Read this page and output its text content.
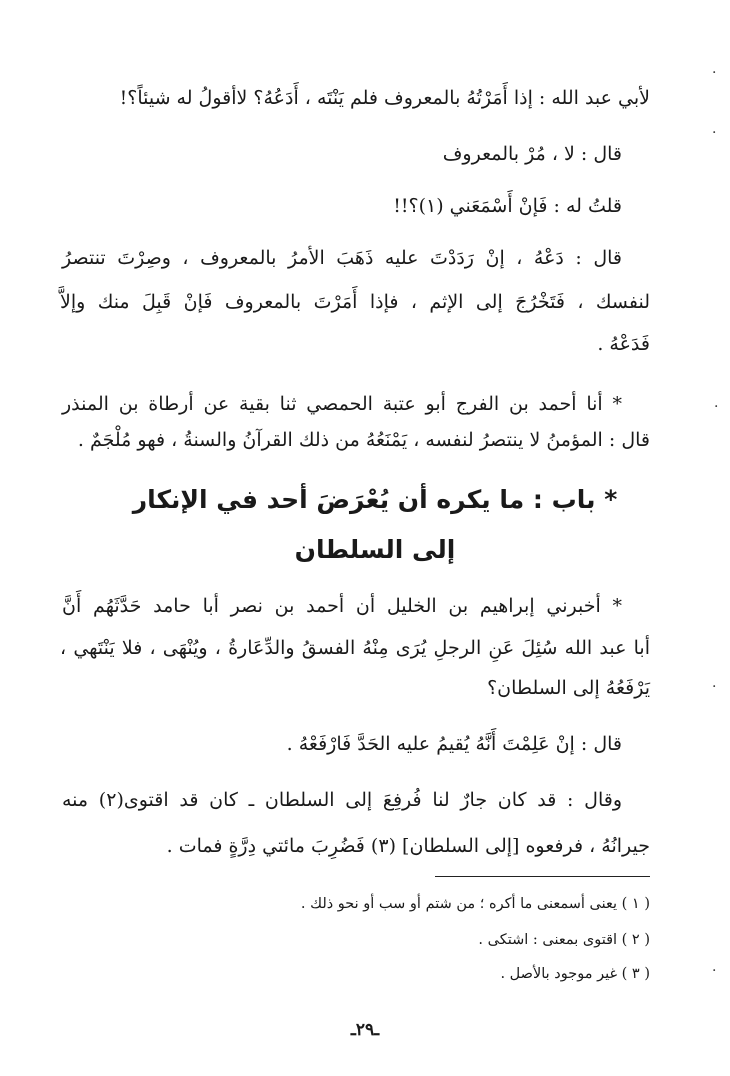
لأبي عبد الله : إذا أَمَرْتُهُ بالمعروف فلم يَنْتَه ، أَدَعُهُ؟ لاأقولُ له شيئاً؟!
قال : لا ، مُرْ بالمعروف
قلتُ له : فَإنْ أَسْمَعَني (١)؟!!
قال : دَعْهُ ، إنْ رَدَدْتَ عليه ذَهَبَ الأمرُ بالمعروف ، وصِرْتَ تنتصرُ
لنفسك ، فَتَخْرُجَ إلى الإثم ، فإذا أَمَرْتَ بالمعروف فَإنْ قَبِلَ منك وإلاَّ
فَدَعْهُ .
* أنا أحمد بن الفرج أبو عتبة الحمصي ثنا بقية عن أرطاة بن المنذر
قال : المؤمنُ لا ينتصرُ لنفسه ، يَمْنَعُهُ من ذلك القرآنُ والسنةُ ، فهو مُلْجَمٌ .
* باب : ما يكره أن يُعْرَضَ أحد في الإنكار
إلى السلطان
* أخبرني إبراهيم بن الخليل أن أحمد بن نصر أبا حامد حَدَّثَهُم أَنَّ
أبا عبد الله سُئِلَ عَنِ الرجلِ يُرَى مِنْهُ الفسقُ والدِّعَارةُ ، ويُنْهَى ، فلا يَنْتَهي ،
يَرْفَعُهُ إلى السلطان؟
قال : إنْ عَلِمْتَ أَنَّهُ يُقيمُ عليه الحَدَّ فَارْفَعْهُ .
وقال : قد كان جارٌ لنا فُرفِعَ إلى السلطان ـ كان قد اقتوى(٢) منه
جيرانُهُ ، فرفعوه [إلى السلطان] (٣) فَضُرِبَ مائتي دِرَّةٍ فمات .
( ١ ) يعنى أسمعنى ما أكره ؛ من شتم أو سب أو نحو ذلك .
( ٢ ) اقتوى بمعنى : اشتكى .
( ٣ ) غير موجود بالأصل .
ـ٢٩ـ
·
·
·
·
·
